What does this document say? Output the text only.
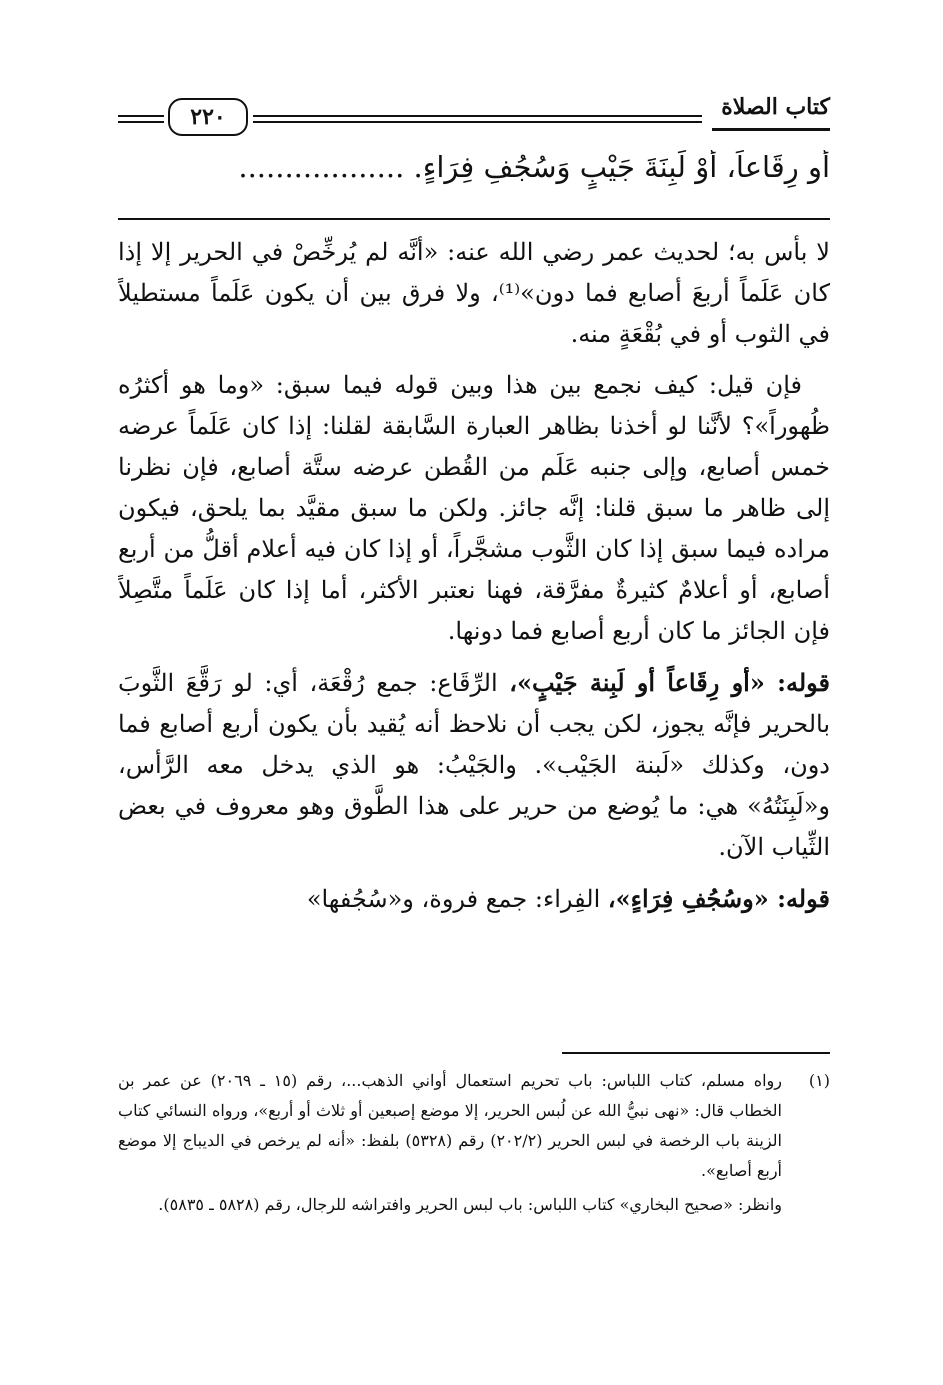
٢٢٠	كتاب الصلاة
أو رِقَاعاً، أَوْ لَبِنَةَ جَيْبٍ وَسُجُفِ فِرَاءٍ. ..................

لا بأس به؛ لحديث عمر رضي الله عنه: «أنَّه لم يُرخِّصْ في الحرير إلا إذا كان عَلَماً أربعَ أصابع فما دون»⁽¹⁾، ولا فرق بين أن يكون عَلَماً مستطيلاً في الثوب أو في بُقْعَةٍ منه.

فإن قيل: كيف نجمع بين هذا وبين قوله فيما سبق: «وما هو أكثرُه ظُهوراً»؟ لأنَّنا لو أخذنا بظاهر العبارة السَّابقة لقلنا: إذا كان عَلَماً عرضه خمس أصابع، وإلى جنبه عَلَم من القُطن عرضه ستَّة أصابع، فإن نظرنا إلى ظاهر ما سبق قلنا: إنَّه جائز. ولكن ما سبق مقيَّد بما يلحق، فيكون مراده فيما سبق إذا كان الثَّوب مشجَّراً، أو إذا كان فيه أعلام أقلُّ من أربع أصابع، أو أعلامٌ كثيرةٌ مفرَّقة، فهنا نعتبر الأكثر، أما إذا كان عَلَماً متَّصِلاً فإن الجائز ما كان أربع أصابع فما دونها.

قوله: «أو رِقَاعاً أو لَبِنة جَيْبٍ»، الرِّقَاع: جمع رُقْعَة، أي: لو رَقَّعَ الثَّوبَ بالحرير فإنَّه يجوز، لكن يجب أن نلاحظ أنه يُقيد بأن يكون أربع أصابع فما دون، وكذلك «لَبنة الجَيْب». والجَيْبُ: هو الذي يدخل معه الرَّأس، و«لَبِنَتُهُ» هي: ما يُوضع من حرير على هذا الطَّوق وهو معروف في بعض الثِّياب الآن.

قوله: «وسُجُفِ فِرَاءٍ»، الفِراء: جمع فروة، و«سُجُفها»

(١)
رواه مسلم، كتاب اللباس: باب تحريم استعمال أواني الذهب...، رقم (١٥ ـ ٢٠٦٩) عن عمر بن الخطاب قال: «نهى نبيُّ الله عن لُبس الحرير، إلا موضع إصبعين أو ثلاث أو أربع»، ورواه النسائي كتاب الزينة باب الرخصة في لبس الحرير (٢٠٢/٢) رقم (٥٣٢٨) بلفظ: «أنه لم يرخص في الديباج إلا موضع أربع أصابع».

وانظر: «صحيح البخاري» كتاب اللباس: باب لبس الحرير وافتراشه للرجال، رقم (٥٨٢٨ ـ ٥٨٣٥).
